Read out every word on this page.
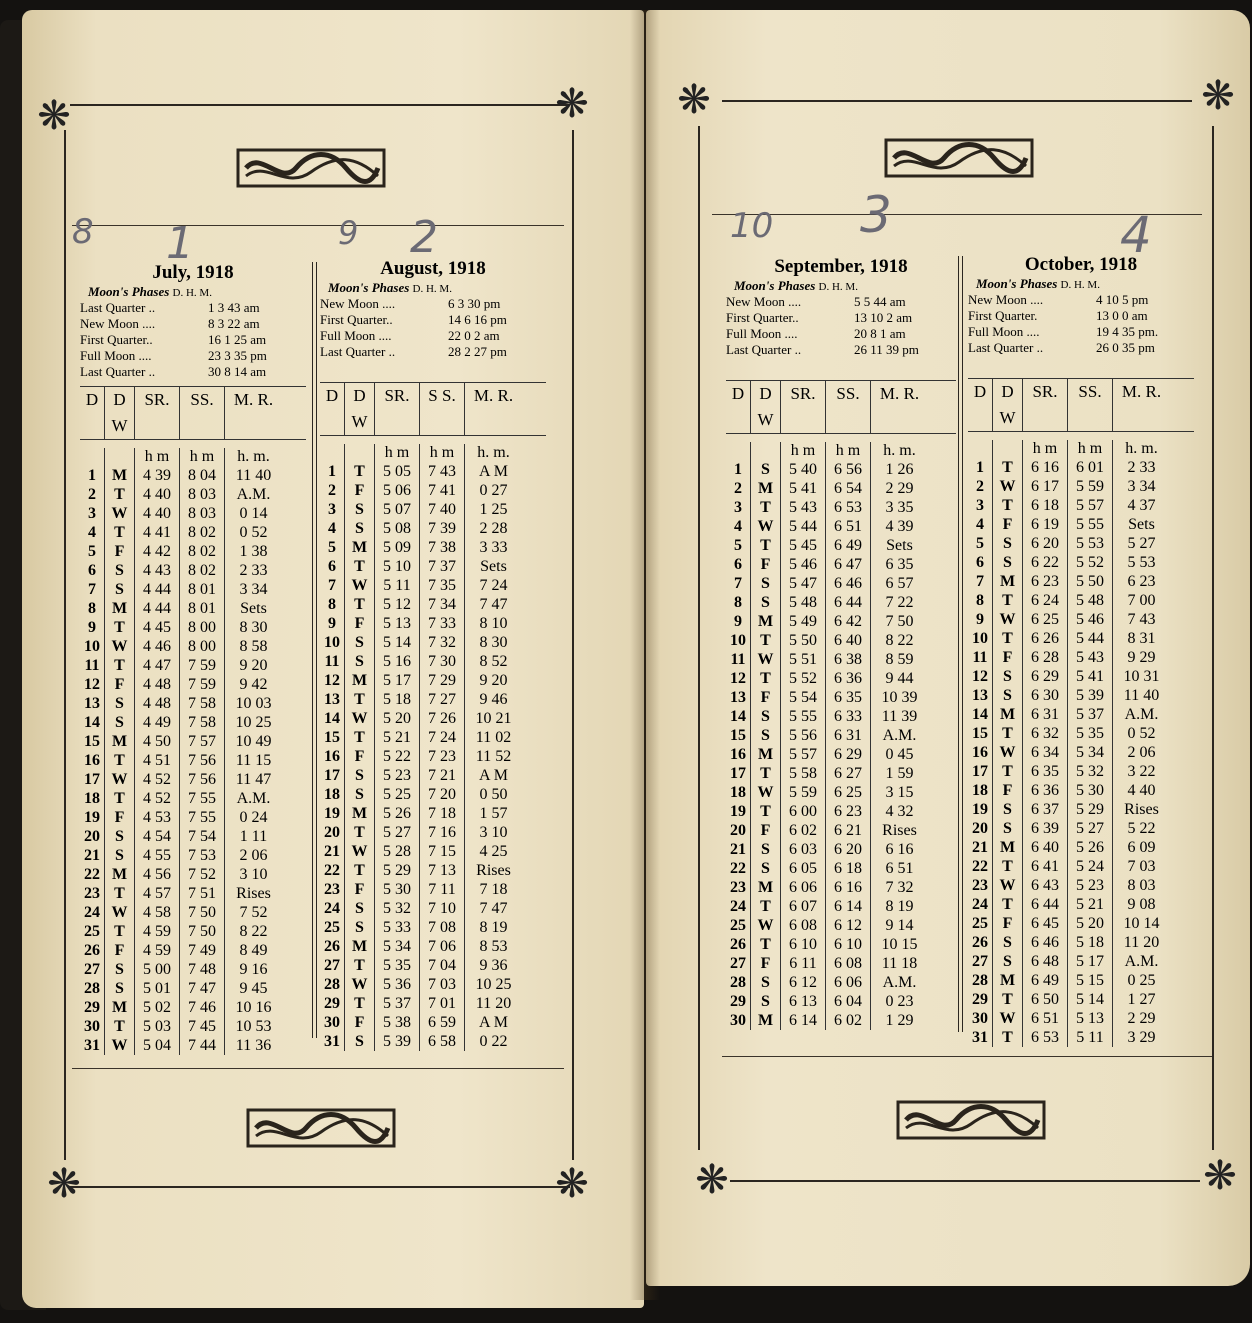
❋	❋
❋	❋
❋	❋
❋	❋
8 1	9 2	10 3	4
July, 1918
Moon's Phases D. H. M.
Last Quarter ..	1 3 43 am
New Moon ....	8 3 22 am
First Quarter..	16 1 25 am
Full Moon ....	23 3 35 pm
Last Quarter ..	30 8 14 am
D D W
SR.	SS.	M. R.
h m	h m	h. m.
1 M 4 39	8 04	11 40
2	T	4 40	8 03	A.M.
3 W 4 40	8 03	0 14
4	T	4 41	8 02	0 52
5	F	4 42	8 02	1 38
6	S	4 43	8 02	2 33
7	S	4 44	8 01	3 34
8 M 4 44	8 01	Sets
9	T	4 45	8 00	8 30
10 W 4 46	8 00	8 58
11 T	4 47	7 59	9 20
12 F	4 48	7 59	9 42
13 S	4 48	7 58	10 03
14 S	4 49	7 58	10 25
15 M 4 50	7 57	10 49
16 T	4 51	7 56	11 15
17 W 4 52	7 56	11 47
18 T	4 52	7 55	A.M.
19 F	4 53	7 55	0 24
20 S	4 54	7 54	1 11
21 S	4 55	7 53	2 06
22 M 4 56	7 52	3 10
23 T	4 57	7 51	Rises
24 W 4 58	7 50	7 52
25 T	4 59	7 50	8 22
26 F	4 59	7 49	8 49
27 S	5 00	7 48	9 16
28 S	5 01	7 47	9 45
29 M 5 02	7 46	10 16
30 T	5 03	7 45	10 53
31 W 5 04	7 44	11 36
August, 1918
Moon's Phases D. H. M.
New Moon ....	6 3 30 pm
First Quarter..	14 6 16 pm
Full Moon ....	22 0 2 am
Last Quarter ..	28 2 27 pm
D D W
SR.	S S.	M. R.
h m	h m	h. m.
1	T	5 05	7 43	A M
2	F	5 06	7 41	0 27
3	S	5 07	7 40	1 25
4	S	5 08	7 39	2 28
5 M 5 09	7 38	3 33
6	T	5 10	7 37	Sets
7 W 5 11	7 35	7 24
8	T	5 12	7 34	7 47
9	F	5 13	7 33	8 10
10 S	5 14	7 32	8 30
11 S	5 16	7 30	8 52
12 M 5 17	7 29	9 20
13 T	5 18	7 27	9 46
14 W 5 20	7 26	10 21
15 T	5 21	7 24	11 02
16 F	5 22	7 23	11 52
17 S	5 23	7 21	A M
18 S	5 25	7 20	0 50
19 M 5 26	7 18	1 57
20 T	5 27	7 16	3 10
21 W 5 28	7 15	4 25
22 T	5 29	7 13	Rises
23 F	5 30	7 11	7 18
24 S	5 32	7 10	7 47
25 S	5 33	7 08	8 19
26 M 5 34	7 06	8 53
27 T	5 35	7 04	9 36
28 W 5 36	7 03	10 25
29 T	5 37	7 01	11 20
30 F	5 38	6 59	A M
31 S	5 39	6 58	0 22
September, 1918
Moon's Phases D. H. M.
New Moon ....	5 5 44 am
First Quarter..	13 10 2 am
Full Moon ....	20 8 1 am
Last Quarter ..	26 11 39 pm
D D W
SR.	SS.	M. R.
h m	h m	h. m.
1	S	5 40	6 56	1 26
2 M 5 41	6 54	2 29
3	T	5 43	6 53	3 35
4 W 5 44	6 51	4 39
5	T	5 45	6 49	Sets
6	F	5 46	6 47	6 35
7	S	5 47	6 46	6 57
8	S	5 48	6 44	7 22
9 M 5 49	6 42	7 50
10 T	5 50	6 40	8 22
11 W 5 51	6 38	8 59
12 T	5 52	6 36	9 44
13 F	5 54	6 35	10 39
14 S	5 55	6 33	11 39
15 S	5 56	6 31	A.M.
16 M 5 57	6 29	0 45
17 T	5 58	6 27	1 59
18 W 5 59	6 25	3 15
19 T	6 00	6 23	4 32
20 F	6 02	6 21	Rises
21 S	6 03	6 20	6 16
22 S	6 05	6 18	6 51
23 M 6 06	6 16	7 32
24 T	6 07	6 14	8 19
25 W 6 08	6 12	9 14
26 T	6 10	6 10	10 15
27 F	6 11	6 08	11 18
28 S	6 12	6 06	A.M.
29 S	6 13	6 04	0 23
30 M 6 14	6 02	1 29
October, 1918
Moon's Phases D. H. M.
New Moon ....	4 10 5 pm
First Quarter.	13 0 0 am
Full Moon ....	19 4 35 pm.
Last Quarter ..	26 0 35 pm
D D W
SR.	SS.	M. R.
h m	h m	h. m.
1	T	6 16	6 01	2 33
2 W 6 17	5 59	3 34
3	T	6 18	5 57	4 37
4	F	6 19	5 55	Sets
5	S	6 20	5 53	5 27
6	S	6 22	5 52	5 53
7 M 6 23	5 50	6 23
8	T	6 24	5 48	7 00
9 W 6 25	5 46	7 43
10 T	6 26	5 44	8 31
11 F	6 28	5 43	9 29
12 S	6 29	5 41	10 31
13 S	6 30	5 39	11 40
14 M 6 31	5 37	A.M.
15 T	6 32	5 35	0 52
16 W 6 34	5 34	2 06
17 T	6 35	5 32	3 22
18 F	6 36	5 30	4 40
19 S	6 37	5 29	Rises
20 S	6 39	5 27	5 22
21 M 6 40	5 26	6 09
22 T	6 41	5 24	7 03
23 W 6 43	5 23	8 03
24 T	6 44	5 21	9 08
25 F	6 45	5 20	10 14
26 S	6 46	5 18	11 20
27 S	6 48	5 17	A.M.
28 M 6 49	5 15	0 25
29 T	6 50	5 14	1 27
30 W 6 51	5 13	2 29
31 T	6 53	5 11	3 29
